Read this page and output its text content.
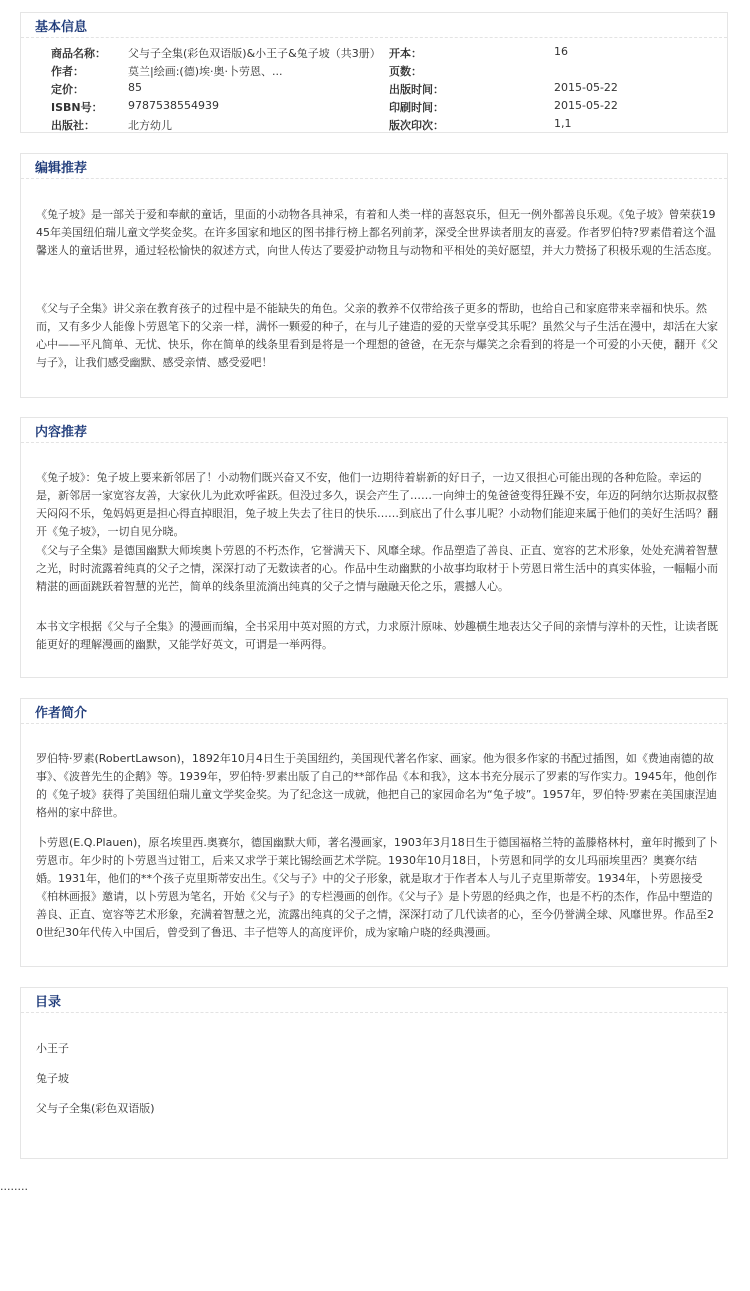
基本信息
商品名称： 父与子全集(彩色双语版)&小王子&兔子坡（共3册） 开本：	16
作者：	莫兰|绘画:(德)埃·奥·卜劳恩、...	页数：
定价：	85	出版时间：	2015-05-22
ISBN号： 9787538554939	印刷时间：	2015-05-22
出版社：	北方幼儿	版次印次：	1,1
编辑推荐

《兔子坡》是一部关于爱和奉献的童话，里面的小动物各具神采，有着和人类一样的喜怒哀乐，但无一例外都善良乐观。《兔子坡》曾荣获1945年美国纽伯瑞儿童文学奖金奖。在许多国家和地区的图书排行榜上都名列前茅，深受全世界读者朋友的喜爱。作者罗伯特?罗素借着这个温馨迷人的童话世界，通过轻松愉快的叙述方式，向世人传达了要爱护动物且与动物和平相处的美好愿望，并大力赞扬了积极乐观的生活态度。

《父与子全集》讲父亲在教育孩子的过程中是不能缺失的角色。父亲的教养不仅带给孩子更多的帮助，也给自己和家庭带来幸福和快乐。然而，又有多少人能像卜劳恩笔下的父亲一样，满怀一颗爱的种子，在与儿子建造的爱的天堂享受其乐呢？虽然父与子生活在漫中，却活在大家心中——平凡简单、无忧、快乐，你在简单的线条里看到是将是一个理想的爸爸，在无奈与爆笑之余看到的将是一个可爱的小天使，翻开《父与子》，让我们感受幽默、感受亲情、感受爱吧！

内容推荐

《兔子坡》：兔子坡上要来新邻居了！小动物们既兴奋又不安，他们一边期待着崭新的好日子，一边又很担心可能出现的各种危险。幸运的是，新邻居一家宽容友善，大家伙儿为此欢呼雀跃。但没过多久，误会产生了……一向绅士的兔爸爸变得狂躁不安，年迈的阿纳尔达斯叔叔整天闷闷不乐，兔妈妈更是担心得直掉眼泪，兔子坡上失去了往日的快乐……到底出了什么事儿呢？小动物们能迎来属于他们的美好生活吗？翻开《兔子坡》，一切自见分晓。

《父与子全集》是德国幽默大师埃奥卜劳恩的不朽杰作，它誉满天下、风靡全球。作品塑造了善良、正直、宽容的艺术形象，处处充满着智慧之光，时时流露着纯真的父子之情，深深打动了无数读者的心。作品中生动幽默的小故事均取材于卜劳恩日常生活中的真实体验，一幅幅小而精湛的画面跳跃着智慧的光芒，简单的线条里流淌出纯真的父子之情与融融天伦之乐，震撼人心。

本书文字根据《父与子全集》的漫画而编，全书采用中英对照的方式，力求原汁原味、妙趣横生地表达父子间的亲情与淳朴的天性，让读者既能更好的理解漫画的幽默，又能学好英文，可谓是一举两得。

作者简介

罗伯特·罗素(RobertLawson)，1892年10月4日生于美国纽约，美国现代著名作家、画家。他为很多作家的书配过插图，如《费迪南德的故事》、《波普先生的企鹅》等。1939年，罗伯特·罗素出版了自己的**部作品《本和我》，这本书充分展示了罗素的写作实力。1945年，他创作的《兔子坡》获得了美国纽伯瑞儿童文学奖金奖。为了纪念这一成就，他把自己的家园命名为“兔子坡”。1957年，罗伯特·罗素在美国康涅迪格州的家中辞世。

卜劳恩(E.Q.Plauen)，原名埃里西.奥赛尔，德国幽默大师，著名漫画家，1903年3月18日生于德国福格兰特的盖滕格林村，童年时搬到了卜劳恩市。年少时的卜劳恩当过钳工，后来又求学于莱比锡绘画艺术学院。1930年10月18日，卜劳恩和同学的女儿玛丽埃里西？奥赛尔结婚。1931年，他们的**个孩子克里斯蒂安出生。《父与子》中的父子形象，就是取才于作者本人与儿子克里斯蒂安。1934年，卜劳恩接受《柏林画报》邀请，以卜劳恩为笔名，开始《父与子》的专栏漫画的创作。《父与子》是卜劳恩的经典之作，也是不朽的杰作，作品中塑造的善良、正直、宽容等艺术形象，充满着智慧之光，流露出纯真的父子之情，深深打动了几代读者的心，至今仍誉满全球、风靡世界。作品至20世纪30年代传入中国后，曾受到了鲁迅、丰子恺等人的高度评价，成为家喻户晓的经典漫画。

目录
小王子
兔子坡
父与子全集(彩色双语版)
........
